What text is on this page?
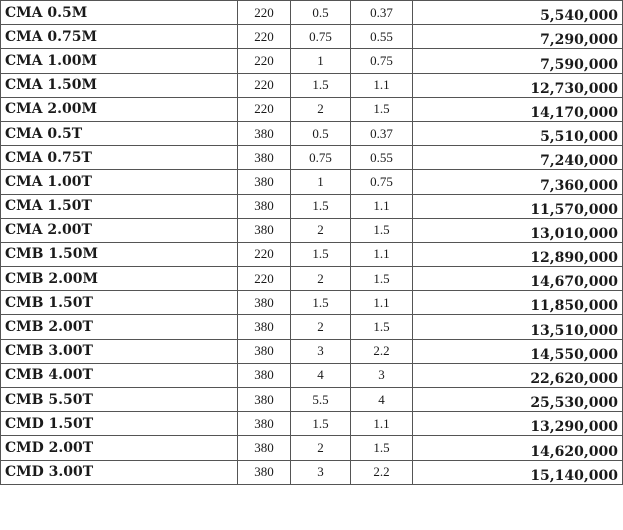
CMA 0.5M	220	0.5	0.37	5,540,000
CMA 0.75M	220	0.75	0.55	7,290,000
CMA 1.00M	220	1	0.75	7,590,000
CMA 1.50M	220	1.5	1.1	12,730,000
CMA 2.00M	220	2	1.5	14,170,000
CMA 0.5T	380	0.5	0.37	5,510,000
CMA 0.75T	380	0.75	0.55	7,240,000
CMA 1.00T	380	1	0.75	7,360,000
CMA 1.50T	380	1.5	1.1	11,570,000
CMA 2.00T	380	2	1.5	13,010,000
CMB 1.50M	220	1.5	1.1	12,890,000
CMB 2.00M	220	2	1.5	14,670,000
CMB 1.50T	380	1.5	1.1	11,850,000
CMB 2.00T	380	2	1.5	13,510,000
CMB 3.00T	380	3	2.2	14,550,000
CMB 4.00T	380	4	3	22,620,000
CMB 5.50T	380	5.5	4	25,530,000
CMD 1.50T	380	1.5	1.1	13,290,000
CMD 2.00T	380	2	1.5	14,620,000
CMD 3.00T	380	3	2.2	15,140,000
